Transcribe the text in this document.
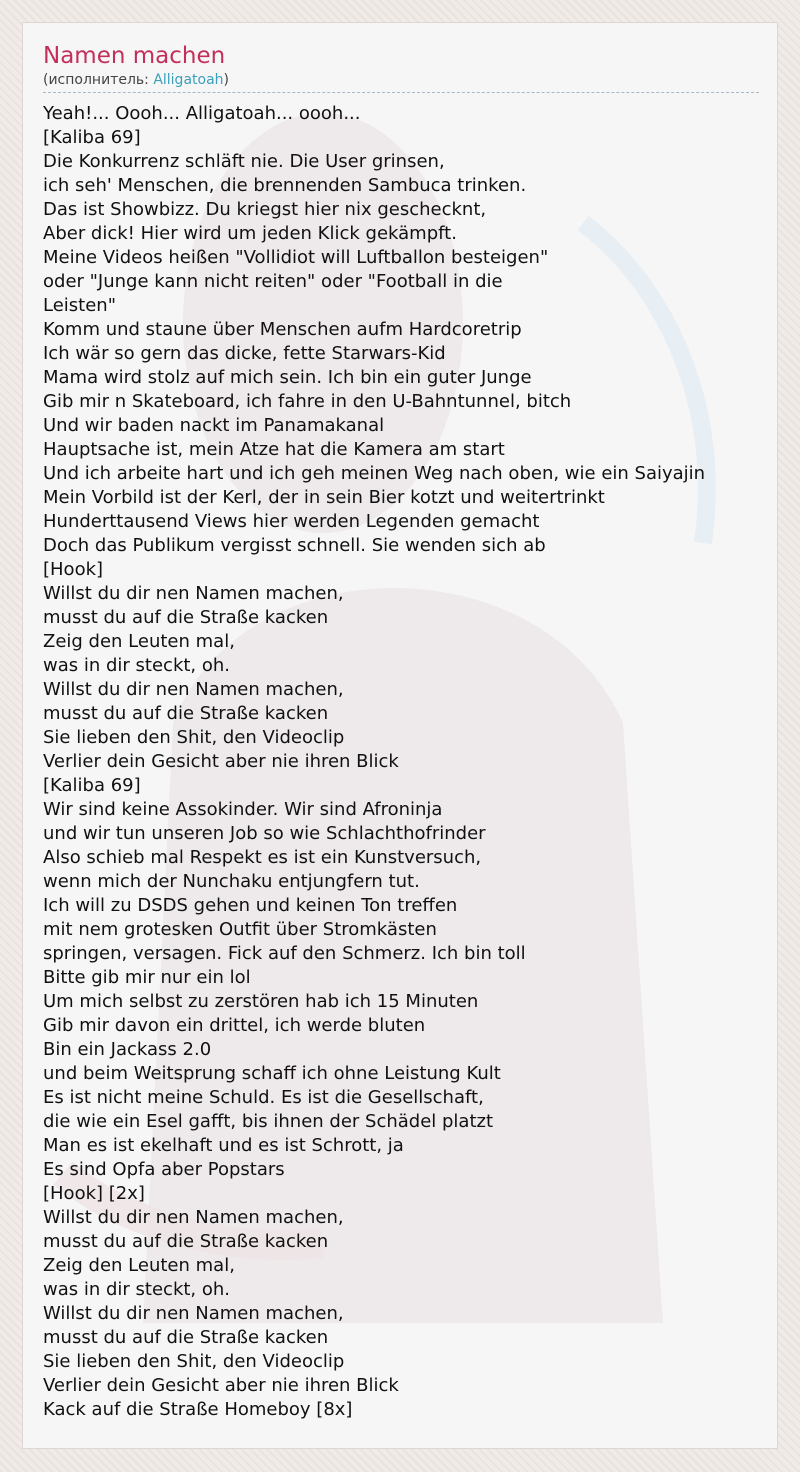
Namen machen
(исполнитель: Alligatoah)
Yeah!... Oooh... Alligatoah... oooh...
[Kaliba 69]
Die Konkurrenz schläft nie. Die User grinsen,
ich seh' Menschen, die brennenden Sambuca trinken.
Das ist Showbizz. Du kriegst hier nix geschecknt,
Aber dick! Hier wird um jeden Klick gekämpft.
Meine Videos heißen "Vollidiot will Luftballon besteigen"
oder "Junge kann nicht reiten" oder "Football in die
Leisten"
Komm und staune über Menschen aufm Hardcoretrip
Ich wär so gern das dicke, fette Starwars-Kid
Mama wird stolz auf mich sein. Ich bin ein guter Junge
Gib mir n Skateboard, ich fahre in den U-Bahntunnel, bitch
Und wir baden nackt im Panamakanal
Hauptsache ist, mein Atze hat die Kamera am start
Und ich arbeite hart und ich geh meinen Weg nach oben, wie ein Saiyajin
Mein Vorbild ist der Kerl, der in sein Bier kotzt und weitertrinkt
Hunderttausend Views hier werden Legenden gemacht
Doch das Publikum vergisst schnell. Sie wenden sich ab
[Hook]
Willst du dir nen Namen machen,
musst du auf die Straße kacken
Zeig den Leuten mal,
was in dir steckt, oh.
Willst du dir nen Namen machen,
musst du auf die Straße kacken
Sie lieben den Shit, den Videoclip
Verlier dein Gesicht aber nie ihren Blick
[Kaliba 69]
Wir sind keine Assokinder. Wir sind Afroninja
und wir tun unseren Job so wie Schlachthofrinder
Also schieb mal Respekt es ist ein Kunstversuch,
wenn mich der Nunchaku entjungfern tut.
Ich will zu DSDS gehen und keinen Ton treffen
mit nem grotesken Outfit über Stromkästen
springen, versagen. Fick auf den Schmerz. Ich bin toll
Bitte gib mir nur ein lol
Um mich selbst zu zerstören hab ich 15 Minuten
Gib mir davon ein drittel, ich werde bluten
Bin ein Jackass 2.0
und beim Weitsprung schaff ich ohne Leistung Kult
Es ist nicht meine Schuld. Es ist die Gesellschaft,
die wie ein Esel gafft, bis ihnen der Schädel platzt
Man es ist ekelhaft und es ist Schrott, ja
Es sind Opfa aber Popstars
[Hook] [2x]
Willst du dir nen Namen machen,
musst du auf die Straße kacken
Zeig den Leuten mal,
was in dir steckt, oh.
Willst du dir nen Namen machen,
musst du auf die Straße kacken
Sie lieben den Shit, den Videoclip
Verlier dein Gesicht aber nie ihren Blick
Kack auf die Straße Homeboy [8x]
